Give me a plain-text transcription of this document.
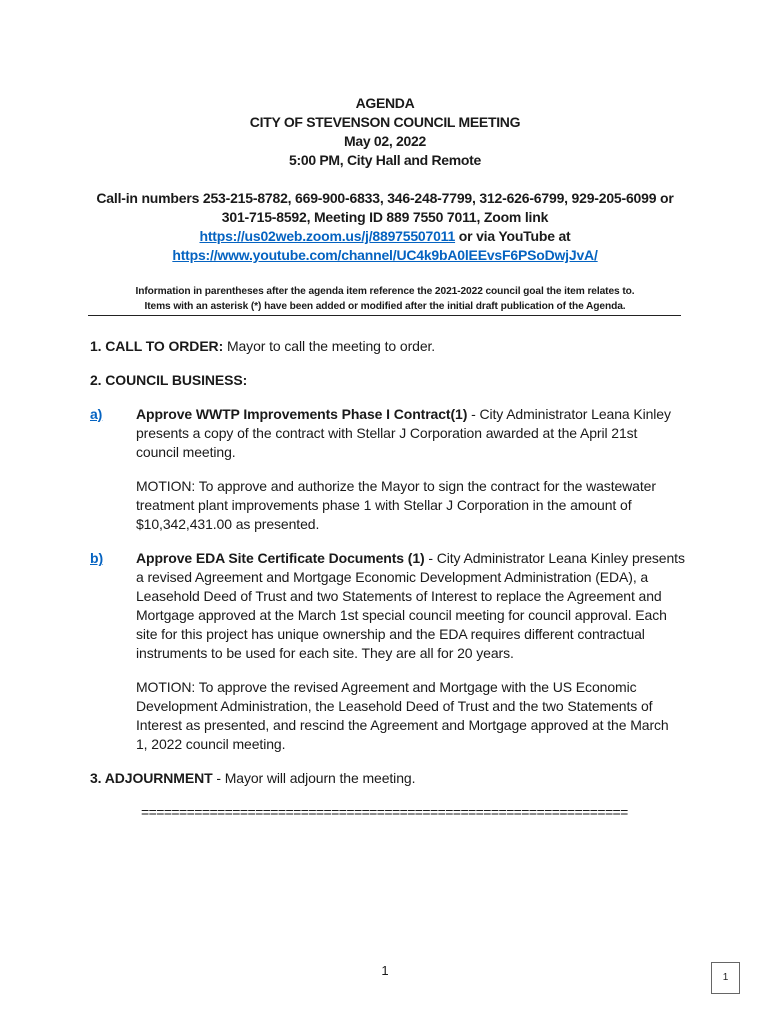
AGENDA
CITY OF STEVENSON COUNCIL MEETING
May 02, 2022
5:00 PM, City Hall and Remote
Call-in numbers 253-215-8782, 669-900-6833, 346-248-7799, 312-626-6799, 929-205-6099 or
301-715-8592, Meeting ID 889 7550 7011, Zoom link
https://us02web.zoom.us/j/88975507011 or via YouTube at
https://www.youtube.com/channel/UC4k9bA0lEEvsF6PSoDwjJvA/
Information in parentheses after the agenda item reference the 2021-2022 council goal the item relates to.
Items with an asterisk (*) have been added or modified after the initial draft publication of the Agenda.
1. CALL TO ORDER: Mayor to call the meeting to order.
2. COUNCIL BUSINESS:
a) Approve WWTP Improvements Phase I Contract(1) - City Administrator Leana Kinley
presents a copy of the contract with Stellar J Corporation awarded at the April 21st
council meeting.
MOTION: To approve and authorize the Mayor to sign the contract for the wastewater
treatment plant improvements phase 1 with Stellar J Corporation in the amount of
$10,342,431.00 as presented.
b) Approve EDA Site Certificate Documents (1) - City Administrator Leana Kinley presents
a revised Agreement and Mortgage Economic Development Administration (EDA), a
Leasehold Deed of Trust and two Statements of Interest to replace the Agreement and
Mortgage approved at the March 1st special council meeting for council approval. Each
site for this project has unique ownership and the EDA requires different contractual
instruments to be used for each site. They are all for 20 years.
MOTION: To approve the revised Agreement and Mortgage with the US Economic
Development Administration, the Leasehold Deed of Trust and the two Statements of
Interest as presented, and rescind the Agreement and Mortgage approved at the March
1, 2022 council meeting.
3. ADJOURNMENT - Mayor will adjourn the meeting.
================================================================
1	1
